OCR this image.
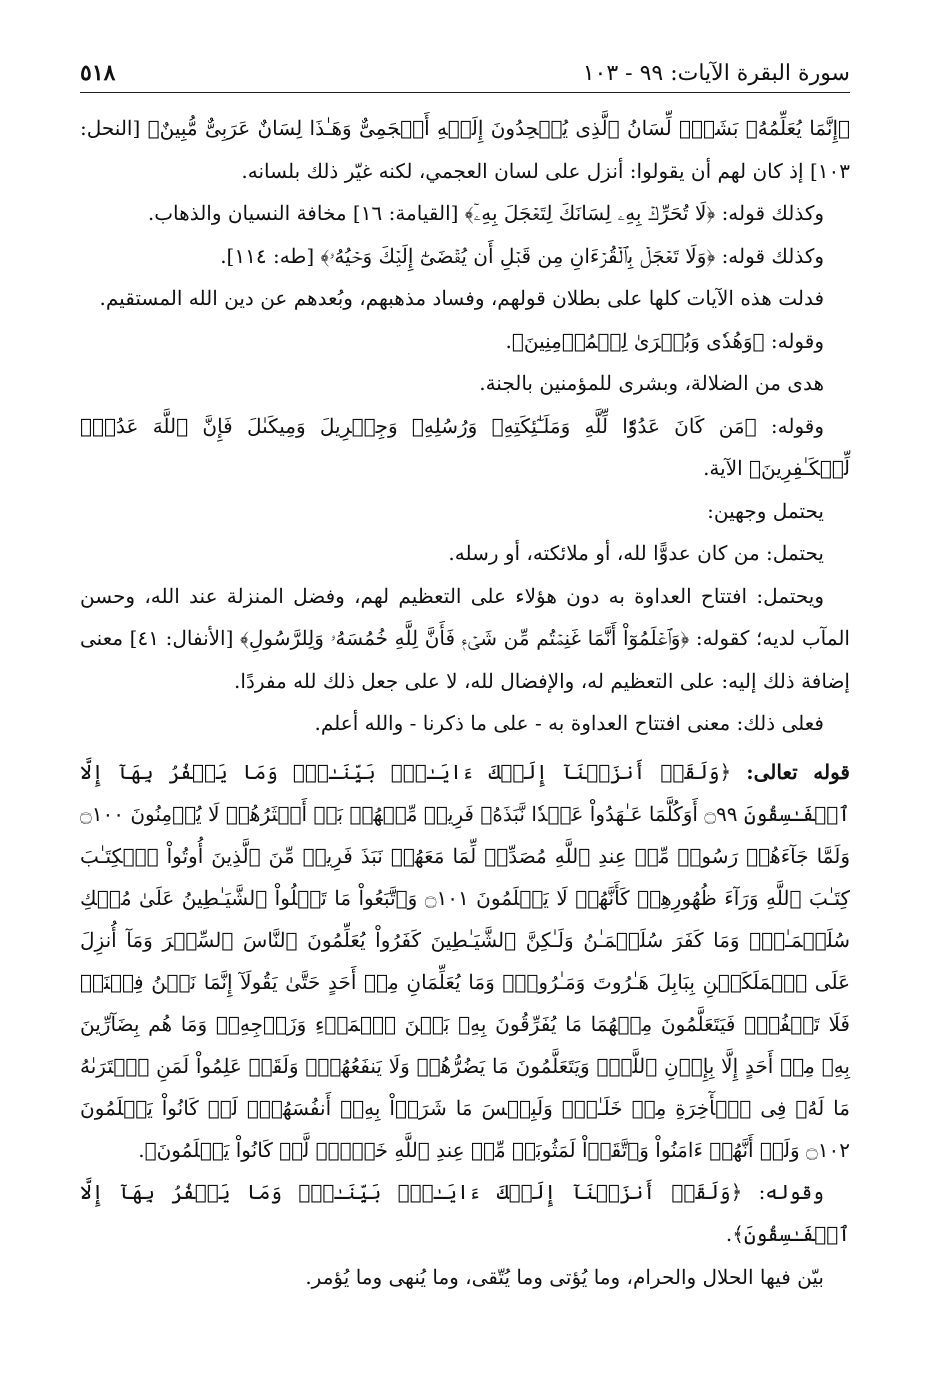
سورة البقرة الآيات: ٩٩ - ١٠٣
٥١٨

﴿إِنَّمَا يُعَلِّمُهُۥ بَشَرٌۗ لِّسَانُ ٱلَّذِى يُلۡحِدُونَ إِلَيۡهِ أَعۡجَمِىٌّ وَهَـٰذَا لِسَانٌ عَرَبِىٌّ مُّبِينٌ﴾ [النحل: ١٠٣] إذ كان لهم أن يقولوا: أنزل على لسان العجمي، لكنه غيّر ذلك بلسانه.

وكذلك قوله: ﴿لَا تُحَرِّكۡ بِهِۦ لِسَانَكَ لِتَعۡجَلَ بِهِۦٓ﴾ [القيامة: ١٦] مخافة النسيان والذهاب.

وكذلك قوله: ﴿وَلَا تَعۡجَلۡ بِٱلۡقُرۡءَانِ مِن قَبۡلِ أَن يُقۡضَىٰٓ إِلَيۡكَ وَحۡيُهُۥ﴾ [طه: ١١٤].

فدلت هذه الآيات كلها على بطلان قولهم، وفساد مذهبهم، وبُعدهم عن دين الله المستقيم.

وقوله: ﴿وَهُدٗى وَبُشۡرَىٰ لِلۡمُؤۡمِنِينَ﴾.

هدى من الضلالة، وبشرى للمؤمنين بالجنة.

وقوله: ﴿مَن كَانَ عَدُوّٗا لِّلَّهِ وَمَلَـٰٓئِكَتِهِۦ وَرُسُلِهِۦ وَجِبۡرِيلَ وَمِيكَىٰلَ فَإِنَّ ٱللَّهَ عَدُوّٞ لِّلۡكَـٰفِرِينَ﴾ الآية.

يحتمل وجهين:

يحتمل: من كان عدوًّا لله، أو ملائكته، أو رسله.

ويحتمل: افتتاح العداوة به دون هؤلاء على التعظيم لهم، وفضل المنزلة عند الله، وحسن المآب لديه؛ كقوله: ﴿وَٱعۡلَمُوٓاْ أَنَّمَا غَنِمۡتُم مِّن شَىۡءٖ فَأَنَّ لِلَّهِ خُمُسَهُۥ وَلِلرَّسُولِ﴾ [الأنفال: ٤١] معنى إضافة ذلك إليه: على التعظيم له، والإفضال لله، لا على جعل ذلك لله مفردًا.

فعلى ذلك: معنى افتتاح العداوة به - على ما ذكرنا - والله أعلم.

قوله تعالى: ﴿وَلَقَدۡ أَنزَلۡنَآ إِلَيۡكَ ءَايَـٰتِۭ بَيِّنَـٰتٖۖ وَمَا يَكۡفُرُ بِهَآ إِلَّا ٱلۡفَـٰسِقُونَ ۝٩٩ أَوَكُلَّمَا عَـٰهَدُواْ عَهۡدٗا نَّبَذَهُۥ فَرِيقٞ مِّنۡهُمۚ بَلۡ أَكۡثَرُهُمۡ لَا يُؤۡمِنُونَ ۝١٠٠ وَلَمَّا جَآءَهُمۡ رَسُولٞ مِّنۡ عِندِ ٱللَّهِ مُصَدِّقٞ لِّمَا مَعَهُمۡ نَبَذَ فَرِيقٞ مِّنَ ٱلَّذِينَ أُوتُواْ ٱلۡكِتَـٰبَ كِتَـٰبَ ٱللَّهِ وَرَآءَ ظُهُورِهِمۡ كَأَنَّهُمۡ لَا يَعۡلَمُونَ ۝١٠١ وَٱتَّبَعُواْ مَا تَتۡلُواْ ٱلشَّيَـٰطِينُ عَلَىٰ مُلۡكِ سُلَيۡمَـٰنَۖ وَمَا كَفَرَ سُلَيۡمَـٰنُ وَلَـٰكِنَّ ٱلشَّيَـٰطِينَ كَفَرُواْ يُعَلِّمُونَ ٱلنَّاسَ ٱلسِّحۡرَ وَمَآ أُنزِلَ عَلَى ٱلۡمَلَكَيۡنِ بِبَابِلَ هَـٰرُوتَ وَمَـٰرُوتَۚ وَمَا يُعَلِّمَانِ مِنۡ أَحَدٍ حَتَّىٰ يَقُولَآ إِنَّمَا نَحۡنُ فِتۡنَةٞ فَلَا تَكۡفُرۡۖ فَيَتَعَلَّمُونَ مِنۡهُمَا مَا يُفَرِّقُونَ بِهِۦ بَيۡنَ ٱلۡمَرۡءِ وَزَوۡجِهِۦۚ وَمَا هُم بِضَآرِّينَ بِهِۦ مِنۡ أَحَدٍ إِلَّا بِإِذۡنِ ٱللَّهِۚ وَيَتَعَلَّمُونَ مَا يَضُرُّهُمۡ وَلَا يَنفَعُهُمۡۚ وَلَقَدۡ عَلِمُواْ لَمَنِ ٱشۡتَرَىٰهُ مَا لَهُۥ فِى ٱلۡأٓخِرَةِ مِنۡ خَلَـٰقٖۚ وَلَبِئۡسَ مَا شَرَوۡاْ بِهِۦٓ أَنفُسَهُمۡۚ لَوۡ كَانُواْ يَعۡلَمُونَ ۝١٠٢ وَلَوۡ أَنَّهُمۡ ءَامَنُواْ وَٱتَّقَوۡاْ لَمَثُوبَةٞ مِّنۡ عِندِ ٱللَّهِ خَيۡرٞۖ لَّوۡ كَانُواْ يَعۡلَمُونَ﴾.

وقوله: ﴿وَلَقَدۡ أَنزَلۡنَآ إِلَيۡكَ ءَايَـٰتِۭ بَيِّنَـٰتٖۖ وَمَا يَكۡفُرُ بِهَآ إِلَّا ٱلۡفَـٰسِقُونَ﴾.

بيّن فيها الحلال والحرام، وما يُؤتى وما يُتّقى، وما يُنهى وما يُؤمر.
